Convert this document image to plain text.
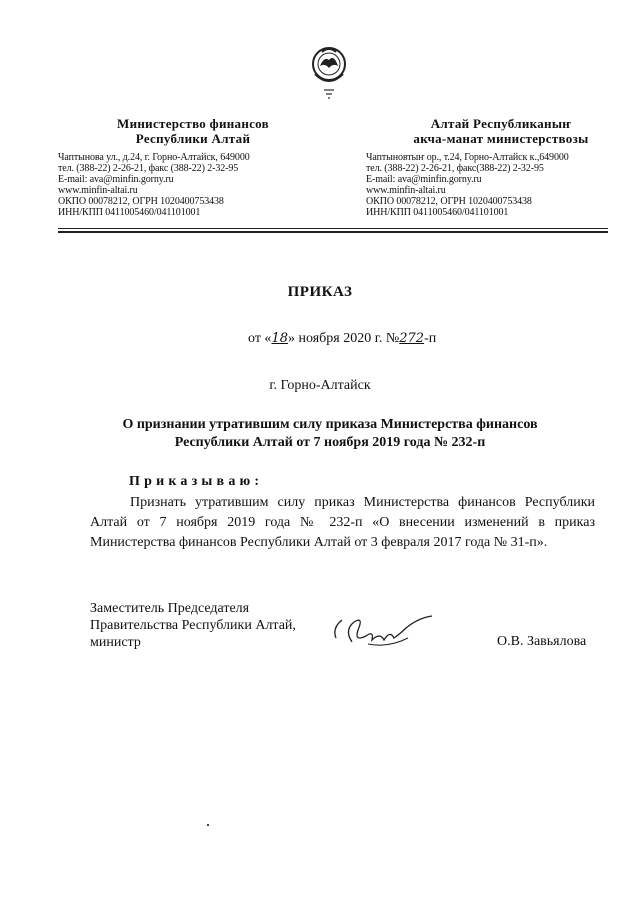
Министерство финансов
Республики Алтай
Чаптынова ул., д.24, г. Горно-Алтайск, 649000
тел. (388-22) 2-26-21, факс (388-22) 2-32-95
E-mail: ava@minfin.gorny.ru
www.minfin-altai.ru
ОКПО 00078212, ОГРН 1020400753438
ИНН/КПП 0411005460/041101001
Алтай Республиканыҥ
акча-манат министерствозы
Чаптыновтыҥ ор., т.24, Горно-Алтайск к.,649000
тел. (388-22) 2-26-21, факс(388-22) 2-32-95
E-mail: ava@minfin.gorny.ru
www.minfin-altai.ru
ОКПО 00078212, ОГРН 1020400753438
ИНН/КПП 0411005460/041101001
ПРИКАЗ
от «18» ноября 2020 г. №272-п
г. Горно-Алтайск
О признании утратившим силу приказа Министерства финансов
Республики Алтай от 7 ноября 2019 года № 232-п
Приказываю:
Признать утратившим силу приказ Министерства финансов Республики Алтай от 7 ноября 2019 года № 232-п «О внесении изменений в приказ Министерства финансов Республики Алтай от 3 февраля 2017 года № 31-п».
Заместитель Председателя
Правительства Республики Алтай,
министр	О.В. Завьялова
